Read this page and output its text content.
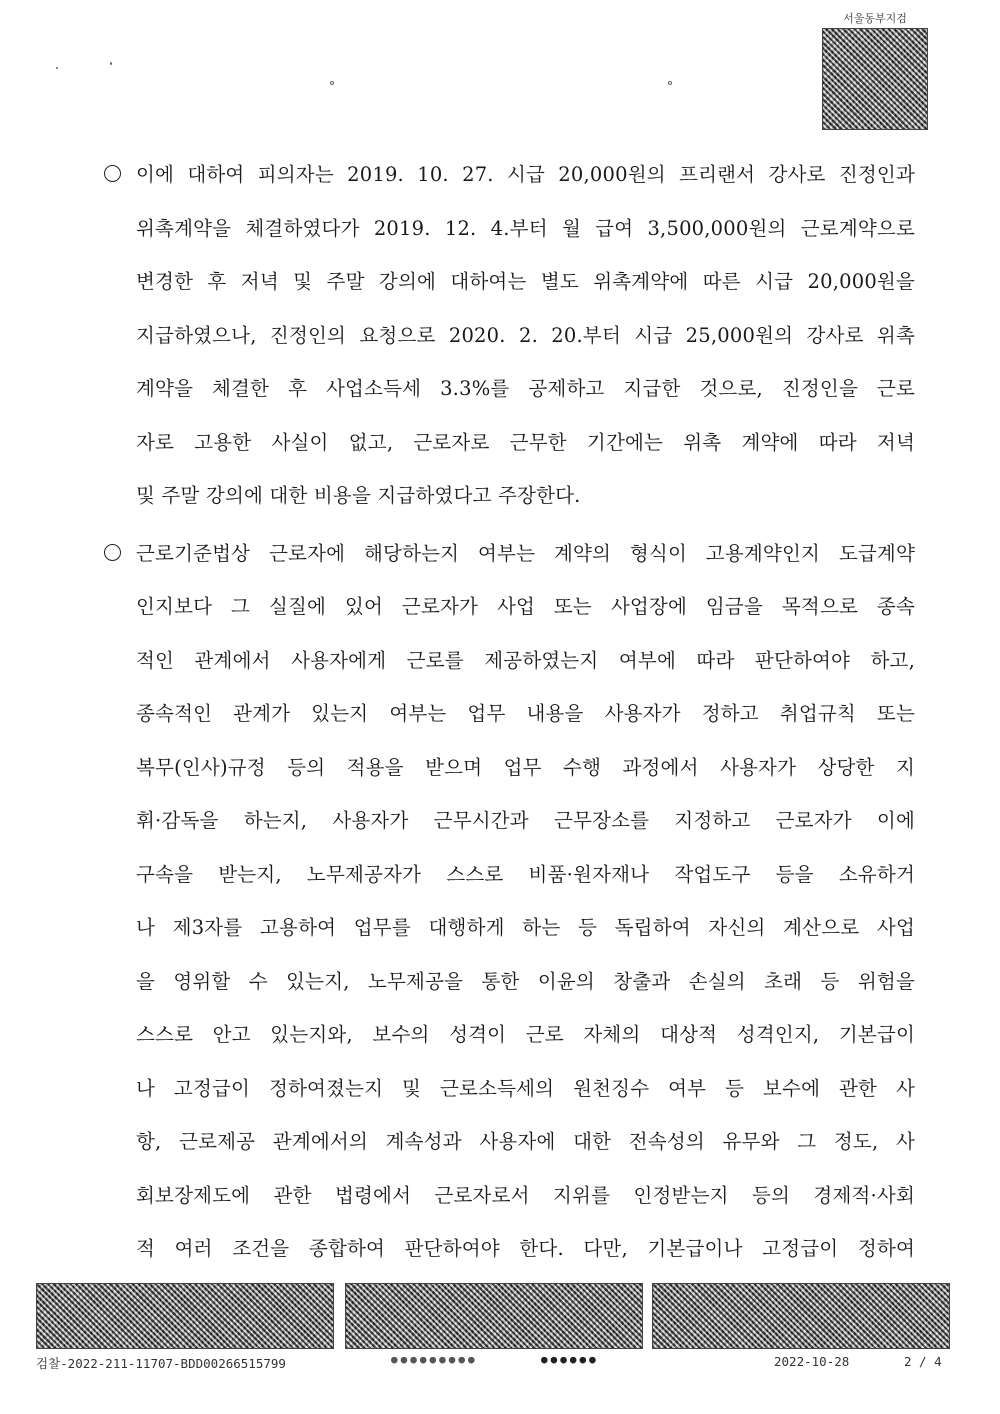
서울동부지검
이에 대하여 피의자는 2019. 10. 27. 시급 20,000원의 프리랜서 강사로 진정인과
위촉계약을 체결하였다가 2019. 12. 4.부터 월 급여 3,500,000원의 근로계약으로
변경한 후 저녁 및 주말 강의에 대하여는 별도 위촉계약에 따른 시급 20,000원을
지급하였으나, 진정인의 요청으로 2020. 2. 20.부터 시급 25,000원의 강사로 위촉
계약을 체결한 후 사업소득세 3.3%를 공제하고 지급한 것으로, 진정인을 근로
자로 고용한 사실이 없고, 근로자로 근무한 기간에는 위촉 계약에 따라 저녁
및 주말 강의에 대한 비용을 지급하였다고 주장한다.
근로기준법상 근로자에 해당하는지 여부는 계약의 형식이 고용계약인지 도급계약
인지보다 그 실질에 있어 근로자가 사업 또는 사업장에 임금을 목적으로 종속
적인 관계에서 사용자에게 근로를 제공하였는지 여부에 따라 판단하여야 하고,
종속적인 관계가 있는지 여부는 업무 내용을 사용자가 정하고 취업규칙 또는
복무(인사)규정 등의 적용을 받으며 업무 수행 과정에서 사용자가 상당한 지
휘·감독을 하는지, 사용자가 근무시간과 근무장소를 지정하고 근로자가 이에
구속을 받는지, 노무제공자가 스스로 비품·원자재나 작업도구 등을 소유하거
나 제3자를 고용하여 업무를 대행하게 하는 등 독립하여 자신의 계산으로 사업
을 영위할 수 있는지, 노무제공을 통한 이윤의 창출과 손실의 초래 등 위험을
스스로 안고 있는지와, 보수의 성격이 근로 자체의 대상적 성격인지, 기본급이
나 고정급이 정하여졌는지 및 근로소득세의 원천징수 여부 등 보수에 관한 사
항, 근로제공 관계에서의 계속성과 사용자에 대한 전속성의 유무와 그 정도, 사
회보장제도에 관한 법령에서 근로자로서 지위를 인정받는지 등의 경제적·사회
적 여러 조건을 종합하여 판단하여야 한다. 다만, 기본급이나 고정급이 정하여
검찰-2022-211-11707-BDD00266515799	●●●●●●●●●	●●●●●●	2022-10-28	2 / 4
